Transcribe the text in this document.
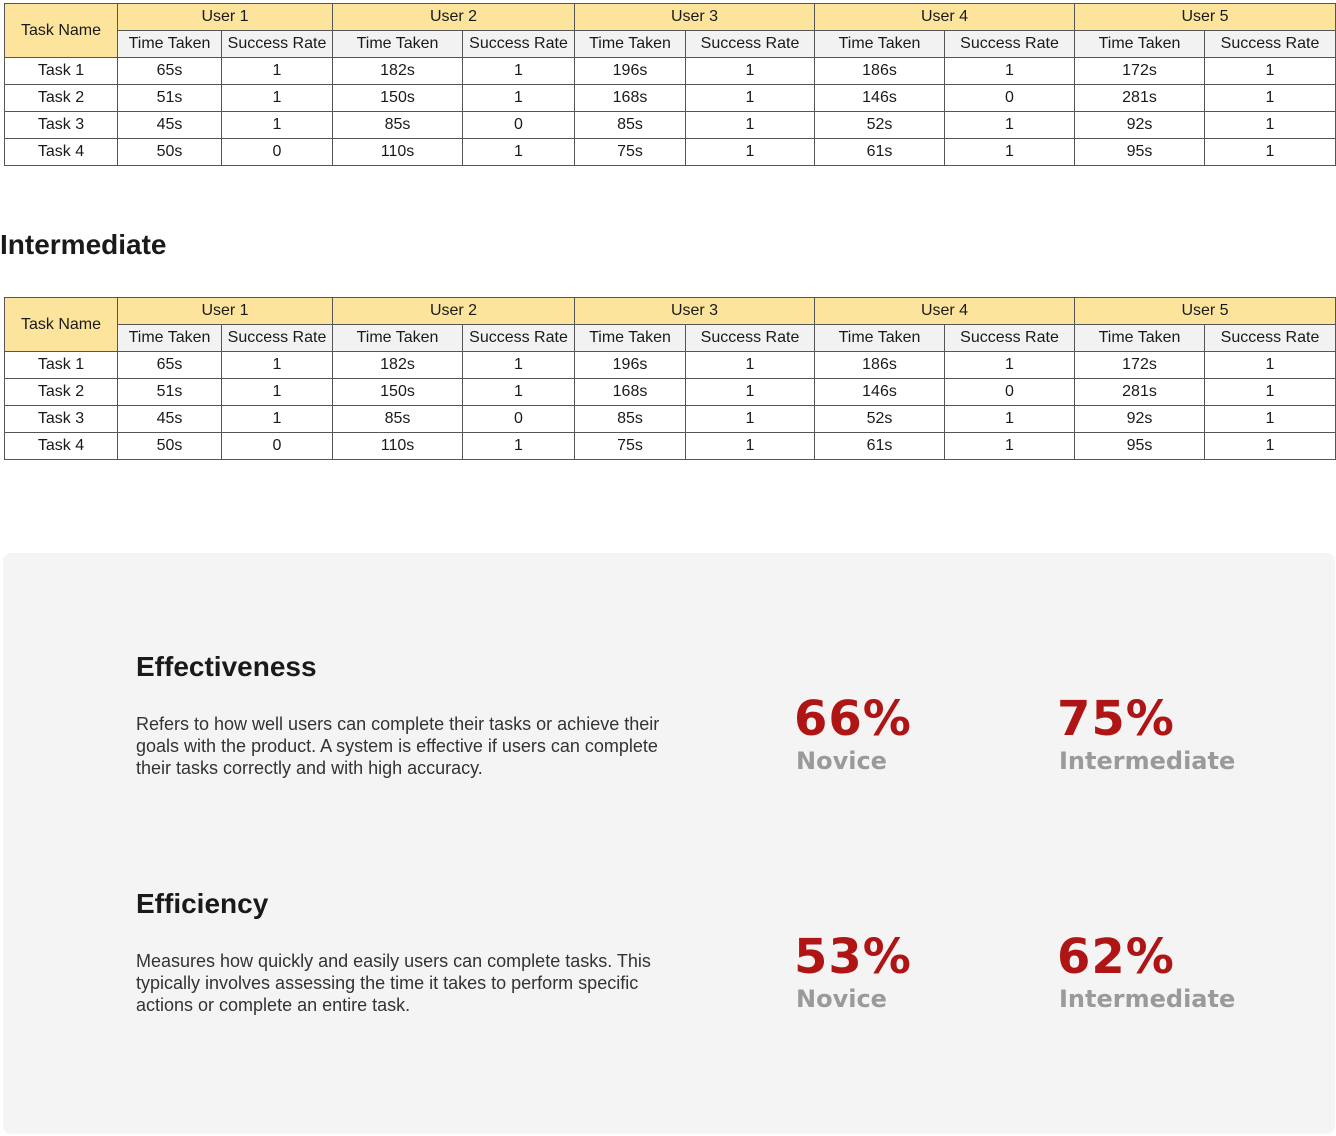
Task Name	User 1		User 2		User 3		User 4		User 5	
	Time Taken	Success Rate	Time Taken	Success Rate	Time Taken	Success Rate	Time Taken	Success Rate	Time Taken	Success Rate
Task 1	65s	1	182s	1	196s	1	186s	1	172s	1
Task 2	51s	1	150s	1	168s	1	146s	0	281s	1
Task 3	45s	1	85s	0	85s	1	52s	1	92s	1
Task 4	50s	0	110s	1	75s	1	61s	1	95s	1
Intermediate
Task Name	User 1		User 2		User 3		User 4		User 5	
	Time Taken	Success Rate	Time Taken	Success Rate	Time Taken	Success Rate	Time Taken	Success Rate	Time Taken	Success Rate
Task 1	65s	1	182s	1	196s	1	186s	1	172s	1
Task 2	51s	1	150s	1	168s	1	146s	0	281s	1
Task 3	45s	1	85s	0	85s	1	52s	1	92s	1
Task 4	50s	0	110s	1	75s	1	61s	1	95s	1
Effectiveness

Refers to how well users can complete their tasks or achieve their goals with the product. A system is effective if users can complete their tasks correctly and with high accuracy.

66%
Novice
75%
Intermediate
Efficiency

Measures how quickly and easily users can complete tasks. This typically involves assessing the time it takes to perform specific actions or complete an entire task.

53%
Novice
62%
Intermediate
